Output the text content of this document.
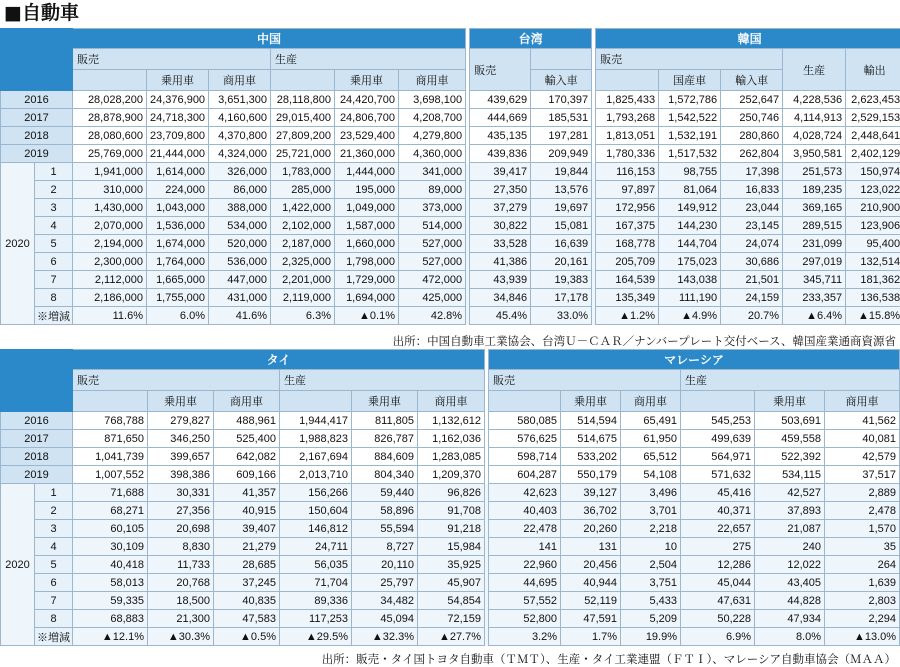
■自動車
		中国							台湾			韓国				
		販売			生産				販売			販売			生産	輸出
			乗用車	商用車		乗用車	商用車			輸入車			国産車	輸入車		
2016		28,028,200	24,376,900	3,651,300	28,118,800	24,420,700	3,698,100		439,629	170,397		1,825,433	1,572,786	252,647	4,228,536	2,623,453
2017		28,878,900	24,718,300	4,160,600	29,015,400	24,806,700	4,208,700		444,669	185,531		1,793,268	1,542,522	250,746	4,114,913	2,529,153
2018		28,080,600	23,709,800	4,370,800	27,809,200	23,529,400	4,279,800		435,135	197,281		1,813,051	1,532,191	280,860	4,028,724	2,448,641
2019		25,769,000	21,444,000	4,324,000	25,721,000	21,360,000	4,360,000		439,836	209,949		1,780,336	1,517,532	262,804	3,950,581	2,402,129
2020	1	1,941,000	1,614,000	326,000	1,783,000	1,444,000	341,000		39,417	19,844		116,153	98,755	17,398	251,573	150,974
	2	310,000	224,000	86,000	285,000	195,000	89,000		27,350	13,576		97,897	81,064	16,833	189,235	123,022
	3	1,430,000	1,043,000	388,000	1,422,000	1,049,000	373,000		37,279	19,697		172,956	149,912	23,044	369,165	210,900
	4	2,070,000	1,536,000	534,000	2,102,000	1,587,000	514,000		30,822	15,081		167,375	144,230	23,145	289,515	123,906
	5	2,194,000	1,674,000	520,000	2,187,000	1,660,000	527,000		33,528	16,639		168,778	144,704	24,074	231,099	95,400
	6	2,300,000	1,764,000	536,000	2,325,000	1,798,000	527,000		41,386	20,161		205,709	175,023	30,686	297,019	132,514
	7	2,112,000	1,665,000	447,000	2,201,000	1,729,000	472,000		43,939	19,383		164,539	143,038	21,501	345,711	181,362
	8	2,186,000	1,755,000	431,000	2,119,000	1,694,000	425,000		34,846	17,178		135,349	111,190	24,159	233,357	136,538
	※増減	11.6%	6.0%	41.6%	6.3%	▲0.1%	42.8%		45.4%	33.0%		▲1.2%	▲4.9%	20.7%	▲6.4%	▲15.8%
出所：中国自動車工業協会、台湾Ｕ－ＣＡＲ／ナンバープレート交付ベース、韓国産業通商資源省
		タイ							マレーシア					
		販売			生産				販売			生産		
			乗用車	商用車		乗用車	商用車			乗用車	商用車		乗用車	商用車
2016		768,788	279,827	488,961	1,944,417	811,805	1,132,612		580,085	514,594	65,491	545,253	503,691	41,562
2017		871,650	346,250	525,400	1,988,823	826,787	1,162,036		576,625	514,675	61,950	499,639	459,558	40,081
2018		1,041,739	399,657	642,082	2,167,694	884,609	1,283,085		598,714	533,202	65,512	564,971	522,392	42,579
2019		1,007,552	398,386	609,166	2,013,710	804,340	1,209,370		604,287	550,179	54,108	571,632	534,115	37,517
2020	1	71,688	30,331	41,357	156,266	59,440	96,826		42,623	39,127	3,496	45,416	42,527	2,889
	2	68,271	27,356	40,915	150,604	58,896	91,708		40,403	36,702	3,701	40,371	37,893	2,478
	3	60,105	20,698	39,407	146,812	55,594	91,218		22,478	20,260	2,218	22,657	21,087	1,570
	4	30,109	8,830	21,279	24,711	8,727	15,984		141	131	10	275	240	35
	5	40,418	11,733	28,685	56,035	20,110	35,925		22,960	20,456	2,504	12,286	12,022	264
	6	58,013	20,768	37,245	71,704	25,797	45,907		44,695	40,944	3,751	45,044	43,405	1,639
	7	59,335	18,500	40,835	89,336	34,482	54,854		57,552	52,119	5,433	47,631	44,828	2,803
	8	68,883	21,300	47,583	117,253	45,094	72,159		52,800	47,591	5,209	50,228	47,934	2,294
	※増減	▲12.1%	▲30.3%	▲0.5%	▲29.5%	▲32.3%	▲27.7%		3.2%	1.7%	19.9%	6.9%	8.0%	▲13.0%
出所：販売・タイ国トヨタ自動車（ＴＭＴ）、生産・タイ工業連盟（ＦＴＩ）、マレーシア自動車協会（ＭＡＡ）
